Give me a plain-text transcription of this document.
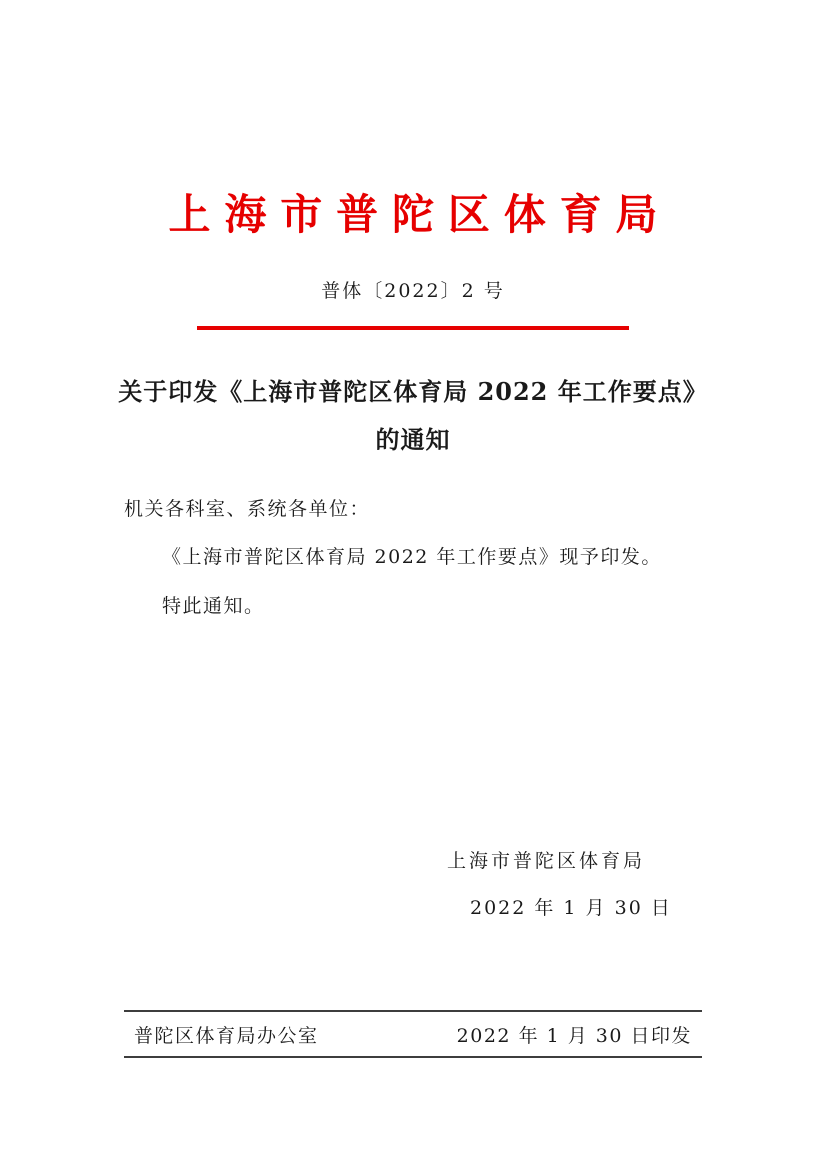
上海市普陀区体育局
普体〔2022〕2 号
关于印发《上海市普陀区体育局 2022 年工作要点》
的通知
机关各科室、系统各单位：
《上海市普陀区体育局 2022 年工作要点》现予印发。
特此通知。
上海市普陀区体育局
2022 年 1 月 30 日
普陀区体育局办公室	2022 年 1 月 30 日印发
